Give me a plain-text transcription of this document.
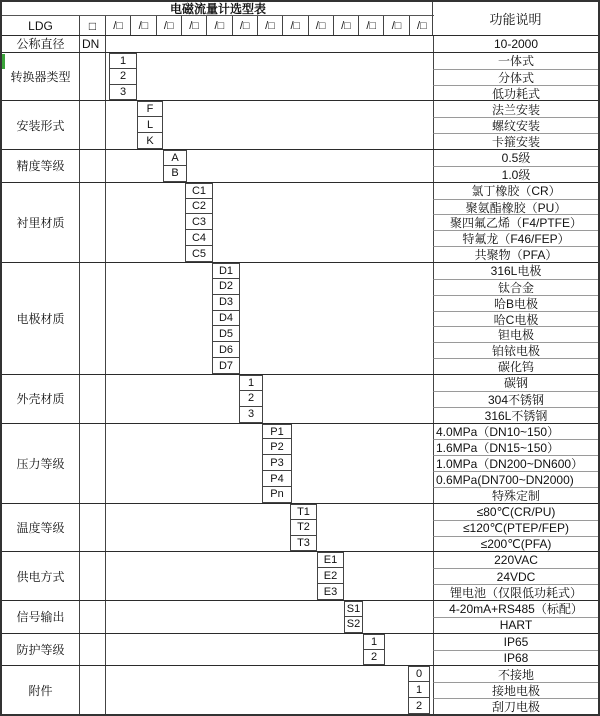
电磁流量计选型表
LDG	□	/□	/□	/□	/□	/□	/□	/□	/□	/□	/□	/□	/□	/□	功能说明
公称直径	DN	10-2000
转换器类型
1	一体式
2	分体式
3	低功耗式
安装形式
F	法兰安装
L	螺纹安装
K	卡箍安装
精度等级
A	0.5级
B	1.0级
衬里材质
C1	氯丁橡胶（CR）
C2	聚氨酯橡胶（PU）
C3	聚四氟乙烯（F4/PTFE）
C4	特氟龙（F46/FEP）
C5	共聚物（PFA）
电极材质
D1	316L电极
D2	钛合金
D3	哈B电极
D4	哈C电极
D5	钽电极
D6	铂铱电极
D7	碳化钨
外壳材质
1	碳钢
2	304不锈钢
3	316L不锈钢
压力等级
P1	4.0MPa（DN10~150）
P2	1.6MPa（DN15~150）
P3	1.0MPa（DN200~DN600）
P4	0.6MPa(DN700~DN2000)
Pn	特殊定制
温度等级
T1	≤80℃(CR/PU)
T2	≤120℃(PTEP/FEP)
T3	≤200℃(PFA)
供电方式
E1	220VAC
E2	24VDC
E3	锂电池（仅限低功耗式）
信号输出
S1	4-20mA+RS485（标配）
S2	HART
防护等级
1	IP65
2	IP68
附件
0	不接地
1	接地电极
2	刮刀电极
